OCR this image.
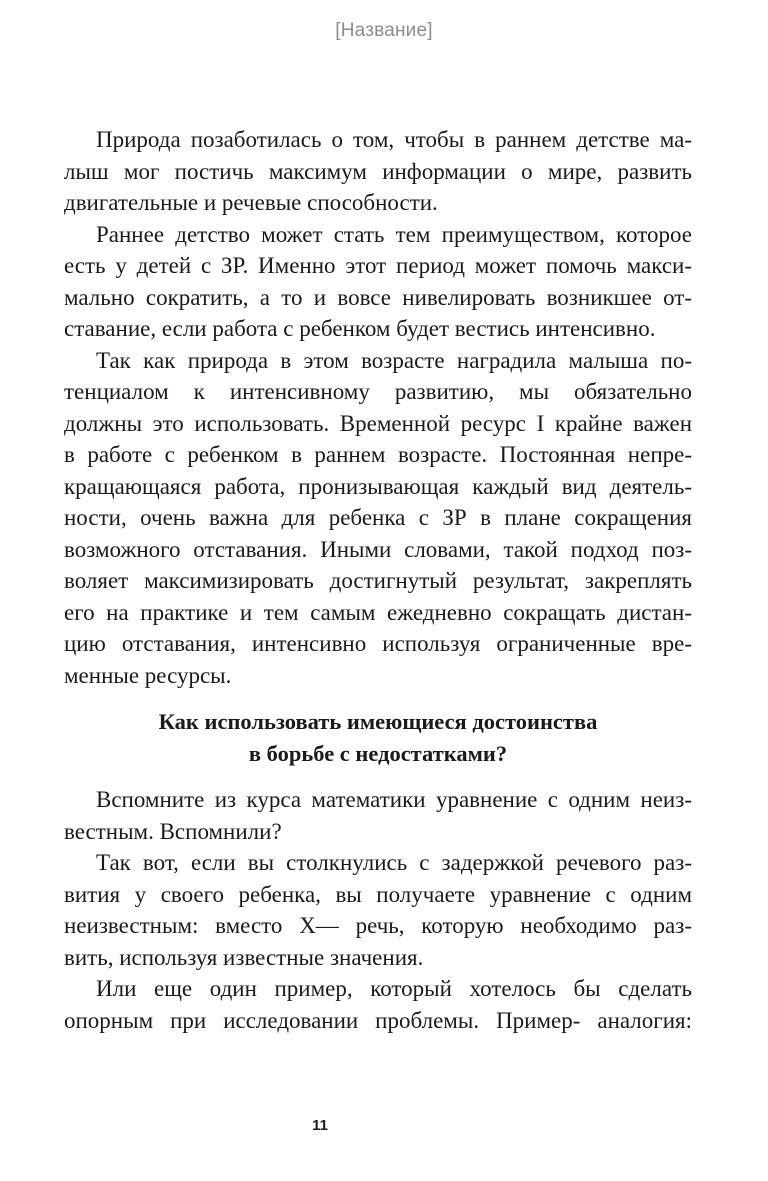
[Название]
Природа позаботилась о том, чтобы в раннем детстве ма-
лыш мог постичь максимум информации о мире, развить
двигательные и речевые способности.
Раннее детство может стать тем преимуществом, которое
есть у детей с ЗР. Именно этот период может помочь макси-
мально сократить, а то и вовсе нивелировать возникшее от-
ставание, если работа с ребенком будет вестись интенсивно.
Так как природа в этом возрасте наградила малыша по-
тенциалом к интенсивному развитию, мы обязательно
должны это использовать. Временной ресурс I крайне важен
в работе с ребенком в раннем возрасте. Постоянная непре-
кращающаяся работа, пронизывающая каждый вид деятель-
ности, очень важна для ребенка с ЗР в плане сокращения
возможного отставания. Иными словами, такой подход поз-
воляет максимизировать достигнутый результат, закреплять
его на практике и тем самым ежедневно сокращать дистан-
цию отставания, интенсивно используя ограниченные вре-
менные ресурсы.
Как использовать имеющиеся достоинства
в борьбе с недостатками?
Вспомните из курса математики уравнение с одним неиз-
вестным. Вспомнили?
Так вот, если вы столкнулись с задержкой речевого раз-
вития у своего ребенка, вы получаете уравнение с одним
неизвестным: вместо X— речь, которую необходимо раз-
вить, используя известные значения.
Или еще один пример, который хотелось бы сделать
опорным при исследовании проблемы. Пример- аналогия:
11
